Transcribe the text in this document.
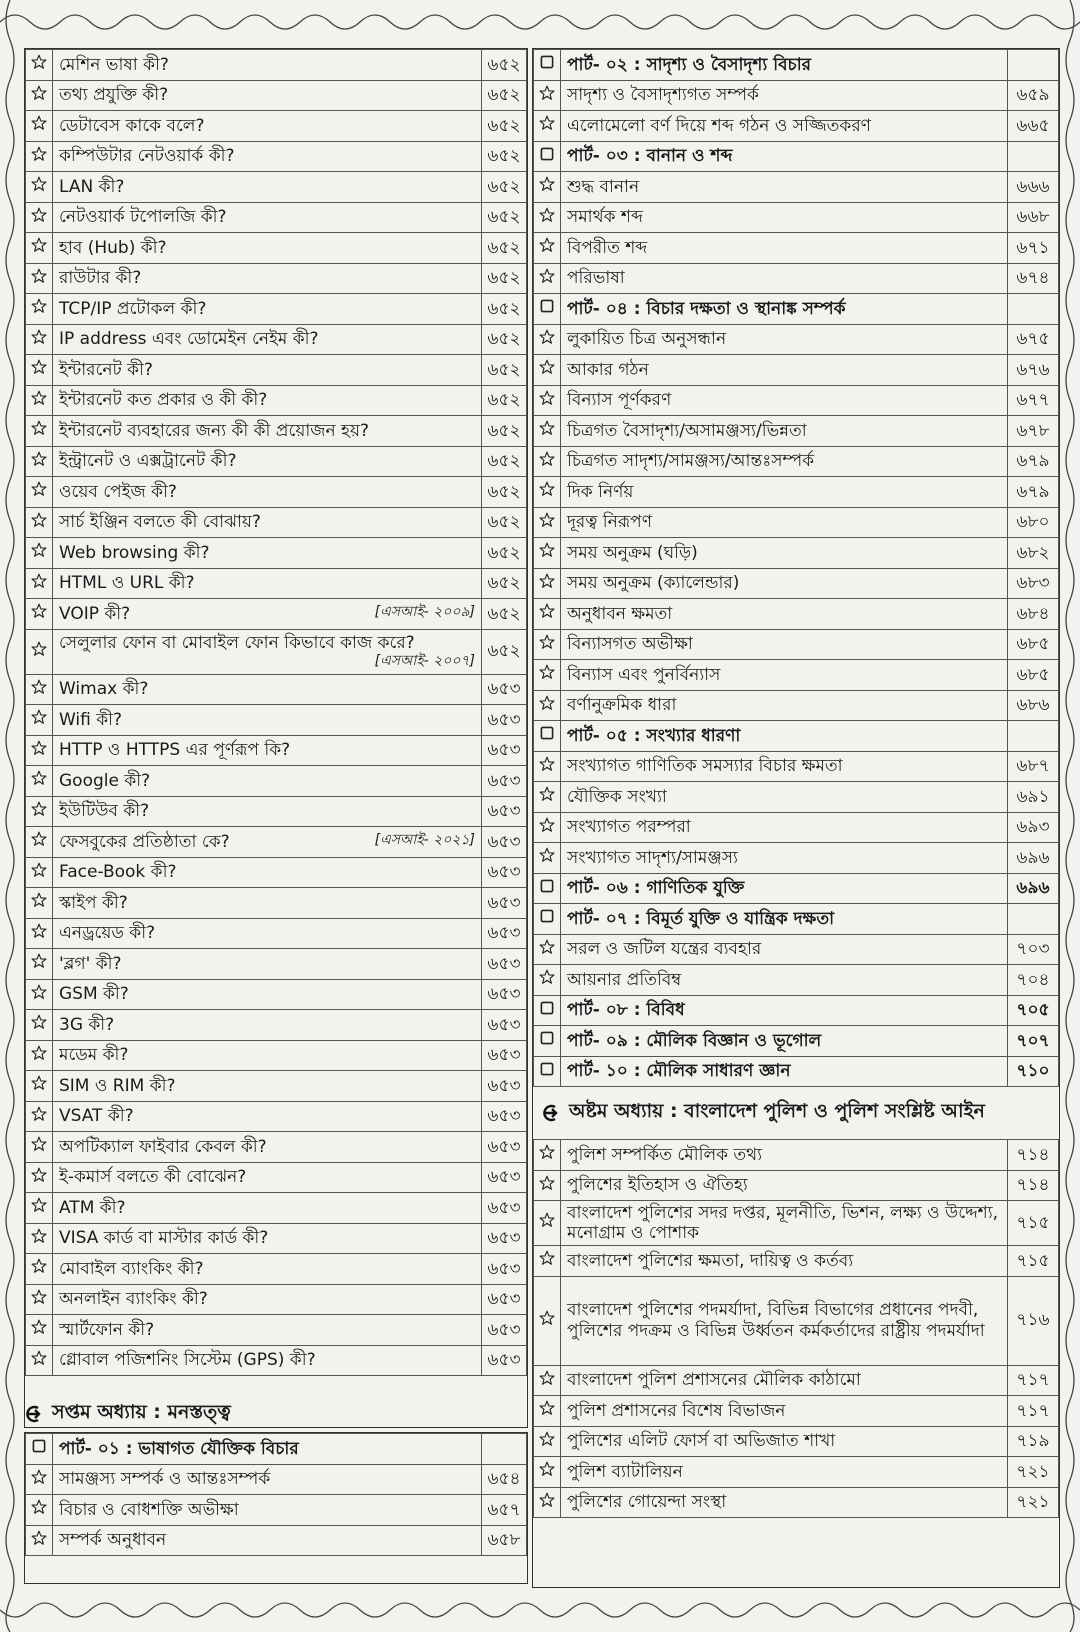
	মেশিন ভাষা কী?	৬৫২
	তথ্য প্রযুক্তি কী?	৬৫২
	ডেটাবেস কাকে বলে?	৬৫২
	কম্পিউটার নেটওয়ার্ক কী?	৬৫২
	LAN কী?	৬৫২
	নেটওয়ার্ক টপোলজি কী?	৬৫২
	হাব (Hub) কী?	৬৫২
	রাউটার কী?	৬৫২
	TCP/IP প্রটোকল কী?	৬৫২
	IP address এবং ডোমেইন নেইম কী?	৬৫২
	ইন্টারনেট কী?	৬৫২
	ইন্টারনেট কত প্রকার ও কী কী?	৬৫২
	ইন্টারনেট ব্যবহারের জন্য কী কী প্রয়োজন হয়?	৬৫২
	ইন্ট্রানেট ও এক্সট্রানেট কী?	৬৫২
	ওয়েব পেইজ কী?	৬৫২
	সার্চ ইঞ্জিন বলতে কী বোঝায়?	৬৫২
	Web browsing কী?	৬৫২
	HTML ও URL কী?	৬৫২
	VOIP কী? [এসআই- ২০০৯]	৬৫২
	সেলুলার ফোন বা মোবাইল ফোন কিভাবে কাজ করে?
[এসআই- ২০০৭]	৬৫২
	Wimax কী?	৬৫৩
	Wifi কী?	৬৫৩
	HTTP ও HTTPS এর পূর্ণরূপ কি?	৬৫৩
	Google কী?	৬৫৩
	ইউটিউব কী?	৬৫৩
	ফেসবুকের প্রতিষ্ঠাতা কে? [এসআই- ২০২১]	৬৫৩
	Face-Book কী?	৬৫৩
	স্কাইপ কী?	৬৫৩
	এনড্রয়েড কী?	৬৫৩
	'ব্লগ' কী?	৬৫৩
	GSM কী?	৬৫৩
	3G কী?	৬৫৩
	মডেম কী?	৬৫৩
	SIM ও RIM কী?	৬৫৩
	VSAT কী?	৬৫৩
	অপটিক্যাল ফাইবার কেবল কী?	৬৫৩
	ই-কমার্স বলতে কী বোঝেন?	৬৫৩
	ATM কী?	৬৫৩
	VISA কার্ড বা মাস্টার কার্ড কী?	৬৫৩
	মোবাইল ব্যাংকিং কী?	৬৫৩
	অনলাইন ব্যাংকিং কী?	৬৫৩
	স্মার্টফোন কী?	৬৫৩
	গ্লোবাল পজিশনিং সিস্টেম (GPS) কী?	৬৫৩
সপ্তম অধ্যায় : মনস্তত্ত্ব
	পার্ট- ০১ : ভাষাগত যৌক্তিক বিচার	
	সামঞ্জস্য সম্পর্ক ও আন্তঃসম্পর্ক	৬৫৪
	বিচার ও বোধশক্তি অভীক্ষা	৬৫৭
	সম্পর্ক অনুধাবন	৬৫৮
	পার্ট- ০২ : সাদৃশ্য ও বৈসাদৃশ্য বিচার	
	সাদৃশ্য ও বৈসাদৃশ্যগত সম্পর্ক	৬৫৯
	এলোমেলো বর্ণ দিয়ে শব্দ গঠন ও সজ্জিতকরণ	৬৬৫
	পার্ট- ০৩ : বানান ও শব্দ	
	শুদ্ধ বানান	৬৬৬
	সমার্থক শব্দ	৬৬৮
	বিপরীত শব্দ	৬৭১
	পরিভাষা	৬৭৪
	পার্ট- ০৪ : বিচার দক্ষতা ও স্থানাঙ্ক সম্পর্ক	
	লুকায়িত চিত্র অনুসন্ধান	৬৭৫
	আকার গঠন	৬৭৬
	বিন্যাস পূর্ণকরণ	৬৭৭
	চিত্রগত বৈসাদৃশ্য/অসামঞ্জস্য/ভিন্নতা	৬৭৮
	চিত্রগত সাদৃশ্য/সামঞ্জস্য/আন্তঃসম্পর্ক	৬৭৯
	দিক নির্ণয়	৬৭৯
	দূরত্ব নিরূপণ	৬৮০
	সময় অনুক্রম (ঘড়ি)	৬৮২
	সময় অনুক্রম (ক্যালেন্ডার)	৬৮৩
	অনুধাবন ক্ষমতা	৬৮৪
	বিন্যাসগত অভীক্ষা	৬৮৫
	বিন্যাস এবং পুনর্বিন্যাস	৬৮৫
	বর্ণানুক্রমিক ধারা	৬৮৬
	পার্ট- ০৫ : সংখ্যার ধারণা	
	সংখ্যাগত গাণিতিক সমস্যার বিচার ক্ষমতা	৬৮৭
	যৌক্তিক সংখ্যা	৬৯১
	সংখ্যাগত পরম্পরা	৬৯৩
	সংখ্যাগত সাদৃশ্য/সামঞ্জস্য	৬৯৬
	পার্ট- ০৬ : গাণিতিক যুক্তি	৬৯৬
	পার্ট- ০৭ : বিমূর্ত যুক্তি ও যান্ত্রিক দক্ষতা	
	সরল ও জটিল যন্ত্রের ব্যবহার	৭০৩
	আয়নার প্রতিবিম্ব	৭০৪
	পার্ট- ০৮ : বিবিধ	৭০৫
	পার্ট- ০৯ : মৌলিক বিজ্ঞান ও ভূগোল	৭০৭
	পার্ট- ১০ : মৌলিক সাধারণ জ্ঞান	৭১০
অষ্টম অধ্যায় : বাংলাদেশ পুলিশ ও পুলিশ সংশ্লিষ্ট আইন
	পুলিশ সম্পর্কিত মৌলিক তথ্য	৭১৪
	পুলিশের ইতিহাস ও ঐতিহ্য	৭১৪
	বাংলাদেশ পুলিশের সদর দপ্তর, মূলনীতি, ভিশন, লক্ষ্য ও উদ্দেশ্য, মনোগ্রাম ও পোশাক	৭১৫
	বাংলাদেশ পুলিশের ক্ষমতা, দায়িত্ব ও কর্তব্য	৭১৫
	বাংলাদেশ পুলিশের পদমর্যাদা, বিভিন্ন বিভাগের প্রধানের পদবী, পুলিশের পদক্রম ও বিভিন্ন উর্ধ্বতন কর্মকর্তাদের রাষ্ট্রীয় পদমর্যাদা	৭১৬
	বাংলাদেশ পুলিশ প্রশাসনের মৌলিক কাঠামো	৭১৭
	পুলিশ প্রশাসনের বিশেষ বিভাজন	৭১৭
	পুলিশের এলিট ফোর্স বা অভিজাত শাখা	৭১৯
	পুলিশ ব্যাটালিয়ন	৭২১
	পুলিশের গোয়েন্দা সংস্থা	৭২১
